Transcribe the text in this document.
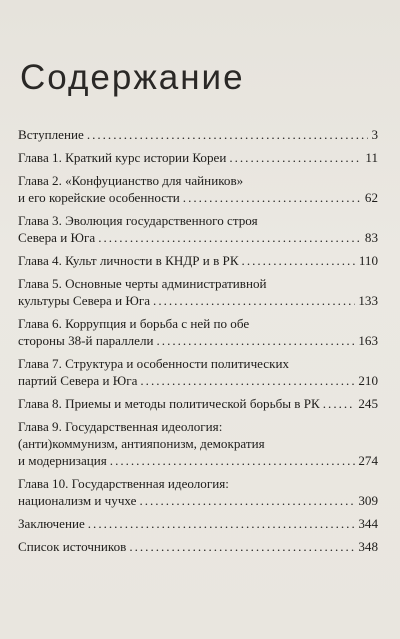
Содержание
Вступление .....	3
Глава 1. Краткий курс истории Кореи .....	11
Глава 2. «Конфуцианство для чайников»
и его корейские особенности .....	62
Глава 3. Эволюция государственного строя
Севера и Юга .....	83
Глава 4. Культ личности в КНДР и в РК .....	110
Глава 5. Основные черты административной
культуры Севера и Юга .....	133
Глава 6. Коррупция и борьба с ней по обе
стороны 38-й параллели .....	163
Глава 7. Структура и особенности политических
партий Севера и Юга .....	210
Глава 8. Приемы и методы политической борьбы в РК .....	245
Глава 9. Государственная идеология:
(анти)коммунизм, антияпонизм, демократия
и модернизация .....	274
Глава 10. Государственная идеология:
национализм и чучхе .....	309
Заключение .....	344
Список источников .....	348
